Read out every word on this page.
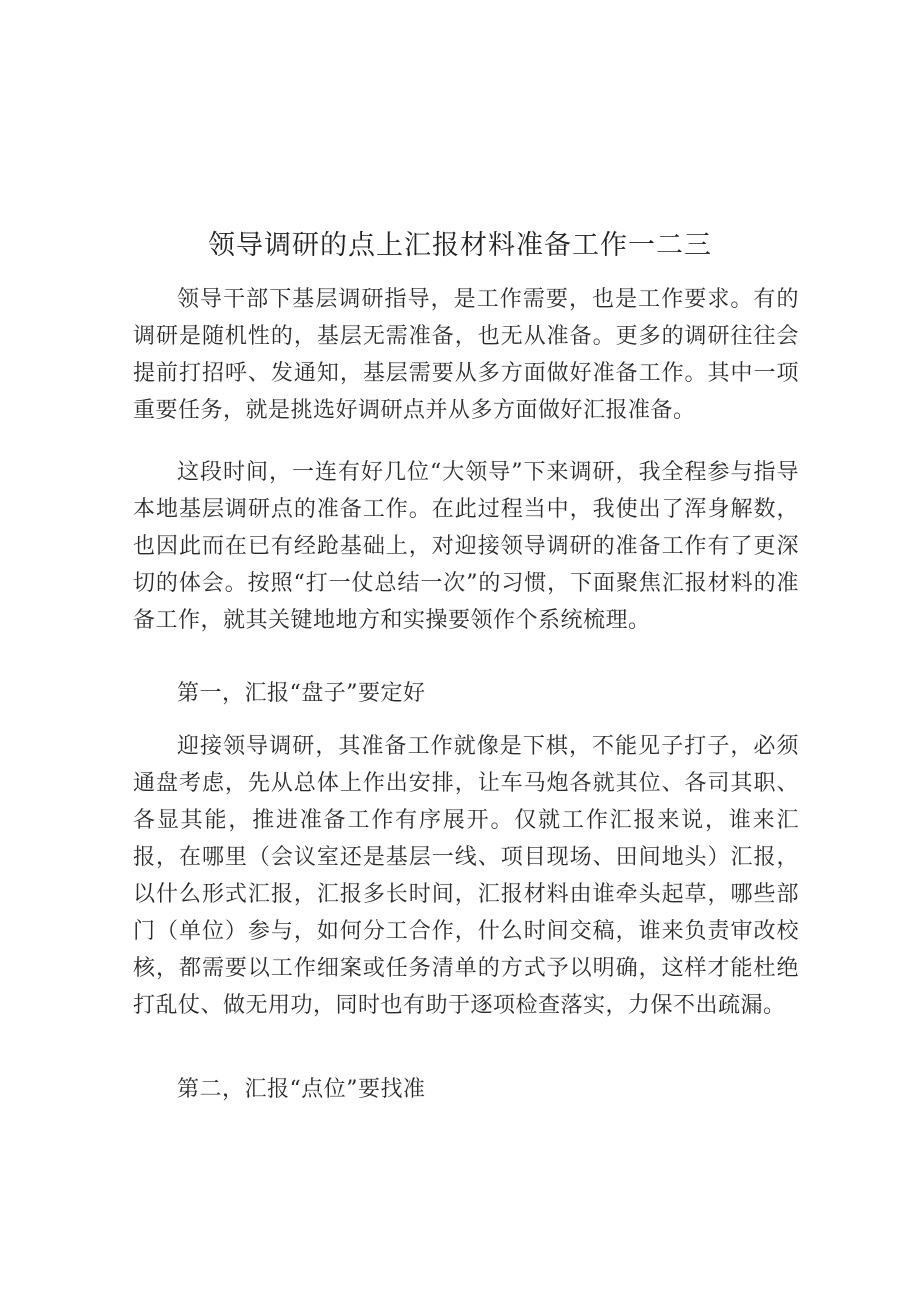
领导调研的点上汇报材料准备工作一二三

领导干部下基层调研指导，是工作需要，也是工作要求。有的调研是随机性的，基层无需准备，也无从准备。更多的调研往往会提前打招呼、发通知，基层需要从多方面做好准备工作。其中一项重要任务，就是挑选好调研点并从多方面做好汇报准备。

这段时间，一连有好几位“大领导”下来调研，我全程参与指导本地基层调研点的准备工作。在此过程当中，我使出了浑身解数，也因此而在已有经跄基础上，对迎接领导调研的准备工作有了更深切的体会。按照“打一仗总结一次”的习惯，下面聚焦汇报材料的准备工作，就其关键地地方和实操要领作个系统梳理。

第一，汇报“盘子”要定好

迎接领导调研，其准备工作就像是下棋，不能见子打子，必须通盘考虑，先从总体上作出安排，让车马炮各就其位、各司其职、各显其能，推进准备工作有序展开。仅就工作汇报来说，谁来汇报，在哪里（会议室还是基层一线、项目现场、田间地头）汇报，以什么形式汇报，汇报多长时间，汇报材料由谁牵头起草，哪些部门（单位）参与，如何分工合作，什么时间交稿，谁来负责审改校核，都需要以工作细案或任务清单的方式予以明确，这样才能杜绝打乱仗、做无用功，同时也有助于逐项检查落实，力保不出疏漏。

第二，汇报“点位”要找准
